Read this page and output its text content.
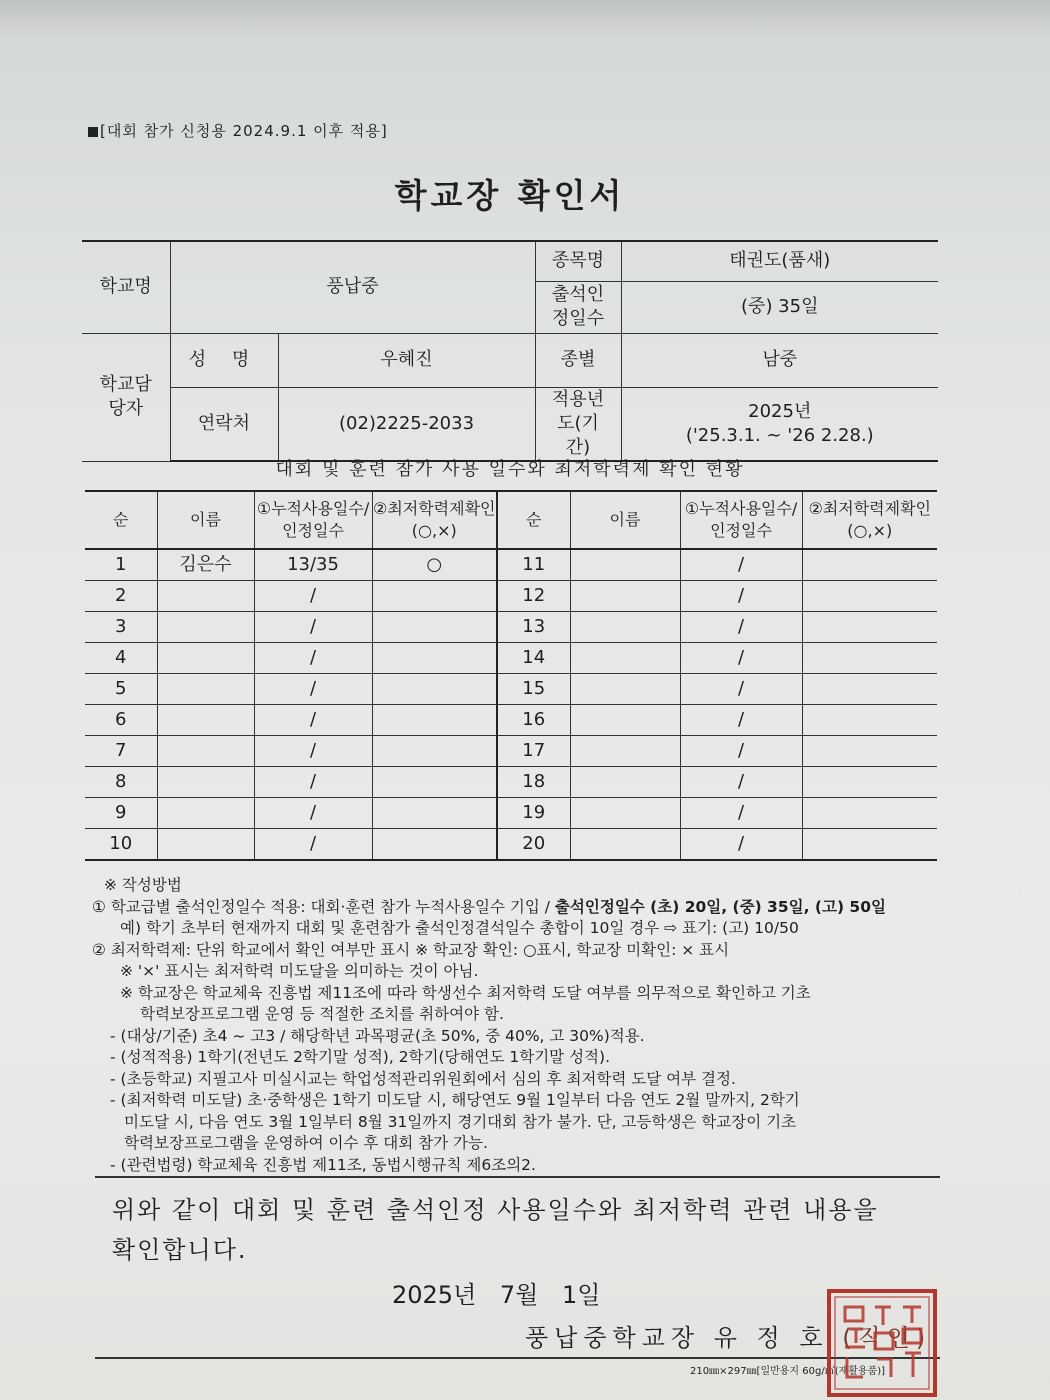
[대회 참가 신청용 2024.9.1 이후 적용]
학교장 확인서
학교명	풍납중		종목명	태권도(품새)
			출석인정일수	(중) 35일
학교담당자	성 명	우혜진	종별	남중
	연락처	(02)2225-2033	적용년도(기간)	2025년
('25.3.1. ~ '26 2.28.)
대회 및 훈련 참가 사용 일수와 최저학력제 확인 현황
순	이름	①누적사용일수/인정일수	②최저학력제확인(○,×)	순	이름	①누적사용일수/인정일수	②최저학력제확인(○,×)
1	김은수	13/35	○	11		/	
2		/		12		/	
3		/		13		/	
4		/		14		/	
5		/		15		/	
6		/		16		/	
7		/		17		/	
8		/		18		/	
9		/		19		/	
10		/		20		/	
※ 작성방법
① 학교급별 출석인정일수 적용: 대회·훈련 참가 누적사용일수 기입 / 출석인정일수 (초) 20일, (중) 35일, (고) 50일
예) 학기 초부터 현재까지 대회 및 훈련참가 출석인정결석일수 총합이 10일 경우 ⇨ 표기: (고) 10/50
② 최저학력제: 단위 학교에서 확인 여부만 표시 ※ 학교장 확인: ○표시, 학교장 미확인: × 표시
※ '×' 표시는 최저학력 미도달을 의미하는 것이 아님.
※ 학교장은 학교체육 진흥법 제11조에 따라 학생선수 최저학력 도달 여부를 의무적으로 확인하고 기초
학력보장프로그램 운영 등 적절한 조치를 취하여야 함.
- (대상/기준) 초4 ~ 고3 / 해당학년 과목평균(초 50%, 중 40%, 고 30%)적용.
- (성적적용) 1학기(전년도 2학기말 성적), 2학기(당해연도 1학기말 성적).
- (초등학교) 지필고사 미실시교는 학업성적관리위원회에서 심의 후 최저학력 도달 여부 결정.
- (최저학력 미도달) 초·중학생은 1학기 미도달 시, 해당연도 9월 1일부터 다음 연도 2월 말까지, 2학기
미도달 시, 다음 연도 3월 1일부터 8월 31일까지 경기대회 참가 불가. 단, 고등학생은 학교장이 기초
학력보장프로그램을 운영하여 이수 후 대회 참가 가능.
- (관련법령) 학교체육 진흥법 제11조, 동법시행규칙 제6조의2.
위와 같이 대회 및 훈련 출석인정 사용일수와 최저학력 관련 내용을
확인합니다.
2025년 7월 1일
풍납중학교장 유 정 호 (직인)
210㎜×297㎜[일반용지 60g/㎡(재활용품)]
